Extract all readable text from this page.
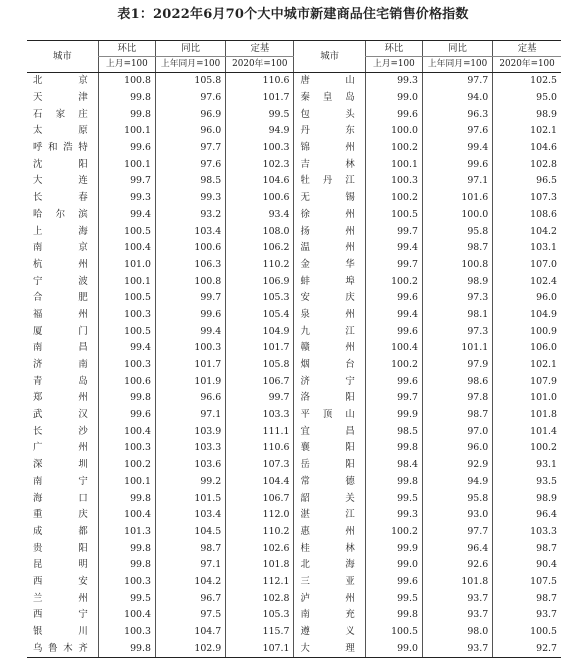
表1：2022年6月70个大中城市新建商品住宅销售价格指数
城市	环比	同比	定基	城市	环比	同比	定基
	上月=100	上年同月=100	2020年=100		上月=100	上年同月=100	2020年=100
北京	100.8	105.8	110.6	唐山	99.3	97.7	102.5
天津	99.8	97.6	101.7	秦皇岛	99.0	94.0	95.0
石家庄	99.8	96.9	99.5	包头	99.6	96.3	98.9
太原	100.1	96.0	94.9	丹东	100.0	97.6	102.1
呼和浩特	99.6	97.7	100.3	锦州	100.2	99.4	104.6
沈阳	100.1	97.6	102.3	吉林	100.1	99.6	102.8
大连	99.7	98.5	104.6	牡丹江	100.3	97.1	96.5
长春	99.3	99.3	100.6	无锡	100.2	101.6	107.3
哈尔滨	99.4	93.2	93.4	徐州	100.5	100.0	108.6
上海	100.5	103.4	108.0	扬州	99.7	95.8	104.2
南京	100.4	100.6	106.2	温州	99.4	98.7	103.1
杭州	101.0	106.3	110.2	金华	99.7	100.8	107.0
宁波	100.1	100.8	106.9	蚌埠	100.2	98.9	102.4
合肥	100.5	99.7	105.3	安庆	99.6	97.3	96.0
福州	100.3	99.6	105.4	泉州	99.4	98.1	104.9
厦门	100.5	99.4	104.9	九江	99.6	97.3	100.9
南昌	99.4	100.3	101.7	赣州	100.4	101.1	106.0
济南	100.3	101.7	105.8	烟台	100.2	97.9	102.1
青岛	100.6	101.9	106.7	济宁	99.6	98.6	107.9
郑州	99.8	96.6	99.7	洛阳	99.7	97.8	101.0
武汉	99.6	97.1	103.3	平顶山	99.9	98.7	101.8
长沙	100.4	103.9	111.1	宜昌	98.5	97.0	101.4
广州	100.3	103.3	110.6	襄阳	99.8	96.0	100.2
深圳	100.2	103.6	107.3	岳阳	98.4	92.9	93.1
南宁	100.1	99.2	104.4	常德	99.8	94.9	93.5
海口	99.8	101.5	106.7	韶关	99.5	95.8	98.9
重庆	100.4	103.4	112.0	湛江	99.3	93.0	96.4
成都	101.3	104.5	110.2	惠州	100.2	97.7	103.3
贵阳	99.8	98.7	102.6	桂林	99.9	96.4	98.7
昆明	99.8	97.1	101.8	北海	99.0	92.6	90.4
西安	100.3	104.2	112.1	三亚	99.6	101.8	107.5
兰州	99.5	96.7	102.8	泸州	99.5	93.7	98.7
西宁	100.4	97.5	105.3	南充	99.8	93.7	93.7
银川	100.3	104.7	115.7	遵义	100.5	98.0	100.5
乌鲁木齐	99.8	102.9	107.1	大理	99.0	93.7	92.7
